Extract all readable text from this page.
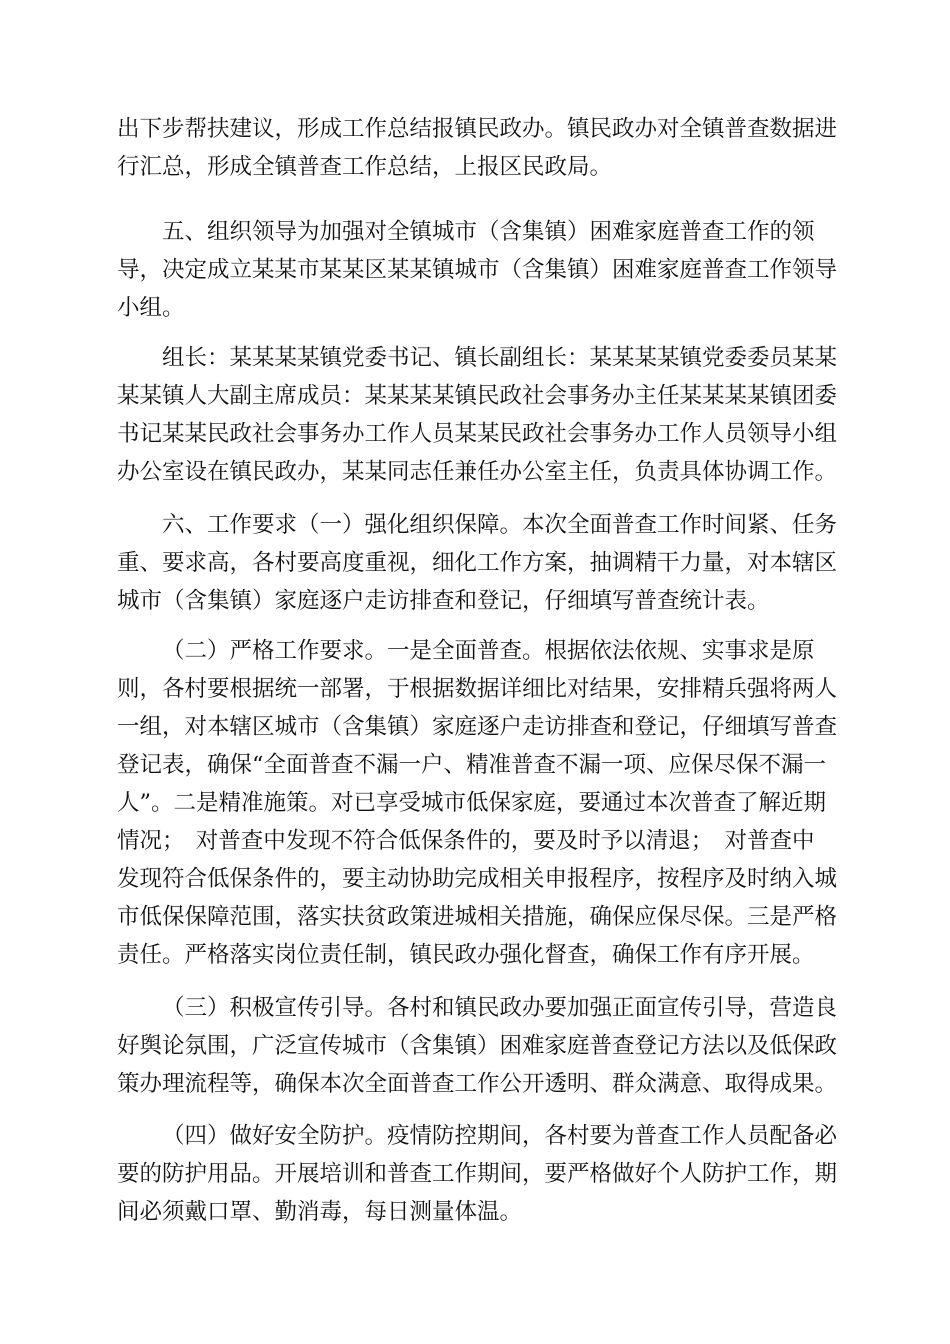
出下步帮扶建议，形成工作总结报镇民政办。镇民政办对全镇普查数据进
行汇总，形成全镇普查工作总结，上报区民政局。
五、组织领导为加强对全镇城市（含集镇）困难家庭普查工作的领
导，决定成立某某市某某区某某镇城市（含集镇）困难家庭普查工作领导
小组。
组长：某某某某镇党委书记、镇长副组长：某某某某镇党委委员某某
某某镇人大副主席成员：某某某某镇民政社会事务办主任某某某某镇团委
书记某某民政社会事务办工作人员某某民政社会事务办工作人员领导小组
办公室设在镇民政办，某某同志任兼任办公室主任，负责具体协调工作。
六、工作要求（一）强化组织保障。本次全面普查工作时间紧、任务
重、要求高，各村要高度重视，细化工作方案，抽调精干力量，对本辖区
城市（含集镇）家庭逐户走访排查和登记，仔细填写普查统计表。
（二）严格工作要求。一是全面普查。根据依法依规、实事求是原
则，各村要根据统一部署，于根据数据详细比对结果，安排精兵强将两人
一组，对本辖区城市（含集镇）家庭逐户走访排查和登记，仔细填写普查
登记表，确保“全面普查不漏一户、精准普查不漏一项、应保尽保不漏一
人”。二是精准施策。对已享受城市低保家庭，要通过本次普查了解近期
情况；　对普查中发现不符合低保条件的，要及时予以清退；　对普查中
发现符合低保条件的，要主动协助完成相关申报程序，按程序及时纳入城
市低保保障范围，落实扶贫政策进城相关措施，确保应保尽保。三是严格
责任。严格落实岗位责任制，镇民政办强化督查，确保工作有序开展。
（三）积极宣传引导。各村和镇民政办要加强正面宣传引导，营造良
好舆论氛围，广泛宣传城市（含集镇）困难家庭普查登记方法以及低保政
策办理流程等，确保本次全面普查工作公开透明、群众满意、取得成果。
（四）做好安全防护。疫情防控期间，各村要为普查工作人员配备必
要的防护用品。开展培训和普查工作期间，要严格做好个人防护工作，期
间必须戴口罩、勤消毒，每日测量体温。
